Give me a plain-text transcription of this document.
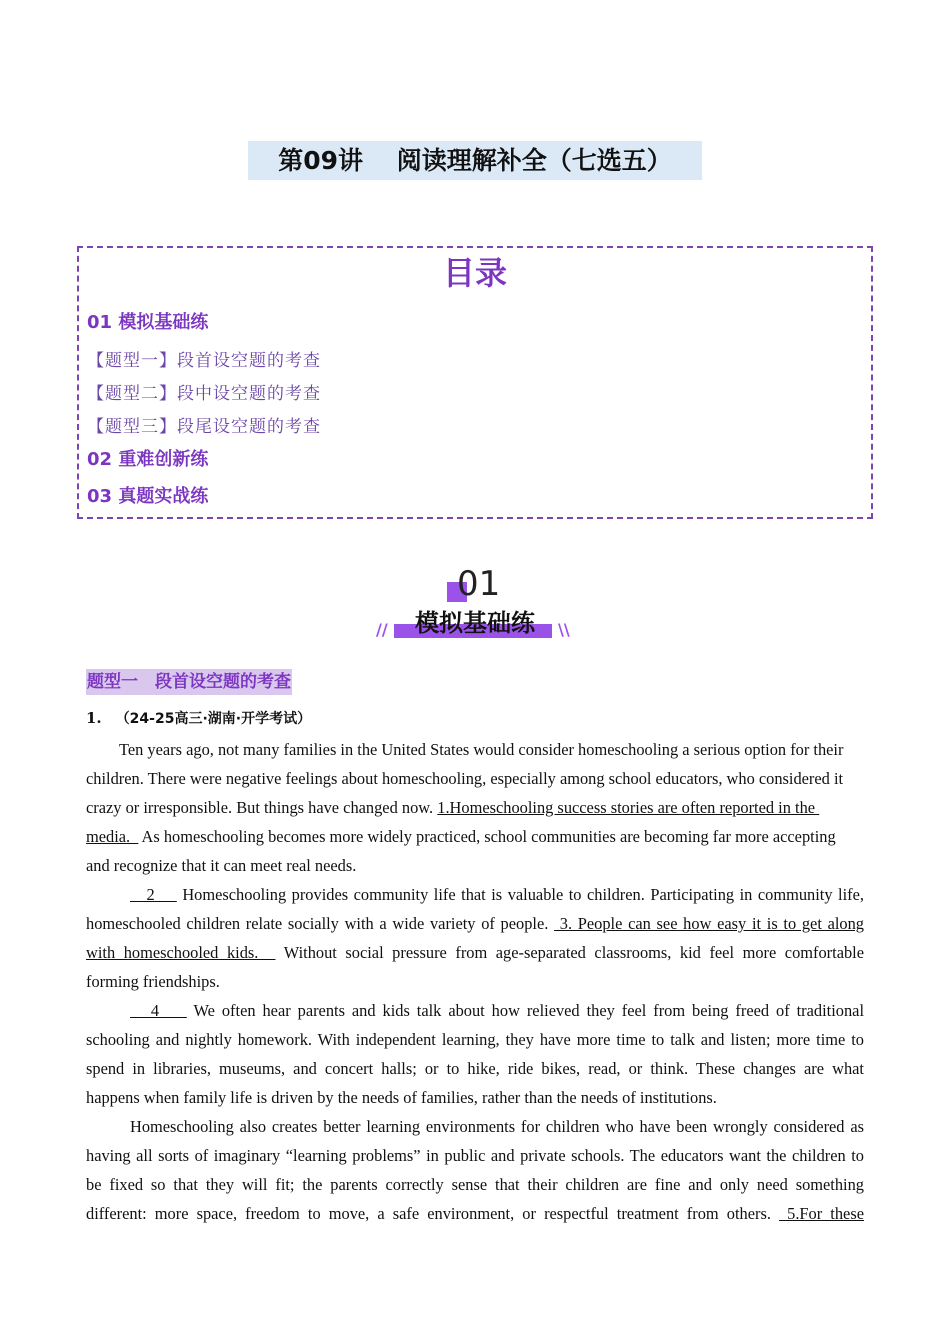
第09讲　 阅读理解补全（七选五）
目录
01 模拟基础练
【题型一】段首设空题的考查
【题型二】段中设空题的考查
【题型三】段尾设空题的考查
02 重难创新练
03 真题实战练
01
模拟基础练
//	\\
题型一　段首设空题的考查
1. （24-25高三·湖南·开学考试）
Ten years ago, not many families in the United States would consider homeschooling a serious option for their
children. There were negative feelings about homeschooling, especially among school educators, who considered it
crazy or irresponsible. But things have changed now. 1.Homeschooling success stories are often reported in the
media.   As homeschooling becomes more widely practiced, school communities are becoming far more accepting
and recognize that it can meet real needs.
2     Homeschooling provides community life that is valuable to children. Participating in community life,
homeschooled children relate socially with a wide variety of people.  3. People can see how easy it is to get along
with homeschooled kids.   Without social pressure from age-separated classrooms, kid feel more comfortable
forming friendships.
4     We often hear parents and kids talk about how relieved they feel from being freed of traditional
schooling and nightly homework. With independent learning, they have more time to talk and listen; more time to
spend in libraries, museums, and concert halls; or to hike, ride bikes, read, or think. These changes are what
happens when family life is driven by the needs of families, rather than the needs of institutions.
Homeschooling also creates better learning environments for children who have been wrongly considered as
having all sorts of imaginary “learning problems” in public and private schools. The educators want the children to
be fixed so that they will fit; the parents correctly sense that their children are fine and only need something
different: more space, freedom to move, a safe environment, or respectful treatment from others.  5.For these
